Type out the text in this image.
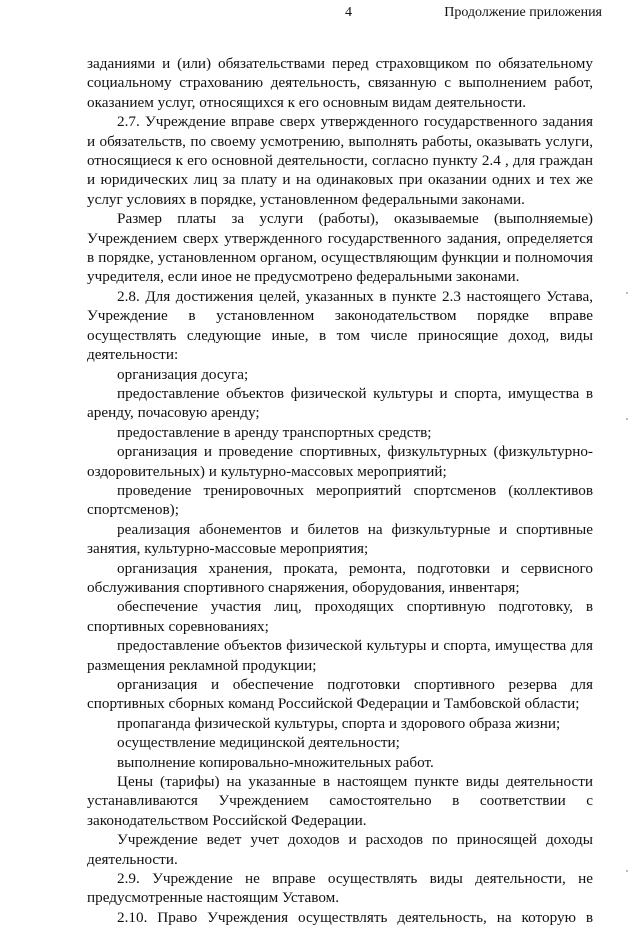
4	Продолжение приложения

заданиями и (или) обязательствами перед страховщиком по обязательному социальному страхованию деятельность, связанную с выполнением работ, оказанием услуг, относящихся к его основным видам деятельности.

2.7. Учреждение вправе сверх утвержденного государственного задания и обязательств, по своему усмотрению, выполнять работы, оказывать услуги, относящиеся к его основной деятельности, согласно пункту 2.4 , для граждан и юридических лиц за плату и на одинаковых при оказании одних и тех же услуг условиях в порядке, установленном федеральными законами.

Размер платы за услуги (работы), оказываемые (выполняемые) Учреждением сверх утвержденного государственного задания, определяется в порядке, установленном органом, осуществляющим функции и полномочия учредителя, если иное не предусмотрено федеральными законами.

2.8. Для достижения целей, указанных в пункте 2.3 настоящего Устава, Учреждение в установленном законодательством порядке вправе осуществлять следующие иные, в том числе приносящие доход, виды деятельности:

организация досуга;

предоставление объектов физической культуры и спорта, имущества в аренду, почасовую аренду;

предоставление в аренду транспортных средств;

организация и проведение спортивных, физкультурных (физкультурно-оздоровительных) и культурно-массовых мероприятий;

проведение тренировочных мероприятий спортсменов (коллективов спортсменов);

реализация абонементов и билетов на физкультурные и спортивные занятия, культурно-массовые мероприятия;

организация хранения, проката, ремонта, подготовки и сервисного обслуживания спортивного снаряжения, оборудования, инвентаря;

обеспечение участия лиц, проходящих спортивную подготовку, в спортивных соревнованиях;

предоставление объектов физической культуры и спорта, имущества для размещения рекламной продукции;

организация и обеспечение подготовки спортивного резерва для спортивных сборных команд Российской Федерации и Тамбовской области;

пропаганда физической культуры, спорта и здорового образа жизни;

осуществление медицинской деятельности;

выполнение копировально-множительных работ.

Цены (тарифы) на указанные в настоящем пункте виды деятельности устанавливаются Учреждением самостоятельно в соответствии с законодательством Российской Федерации.

Учреждение ведет учет доходов и расходов по приносящей доходы деятельности.

2.9. Учреждение не вправе осуществлять виды деятельности, не предусмотренные настоящим Уставом.

2.10. Право Учреждения осуществлять деятельность, на которую в
